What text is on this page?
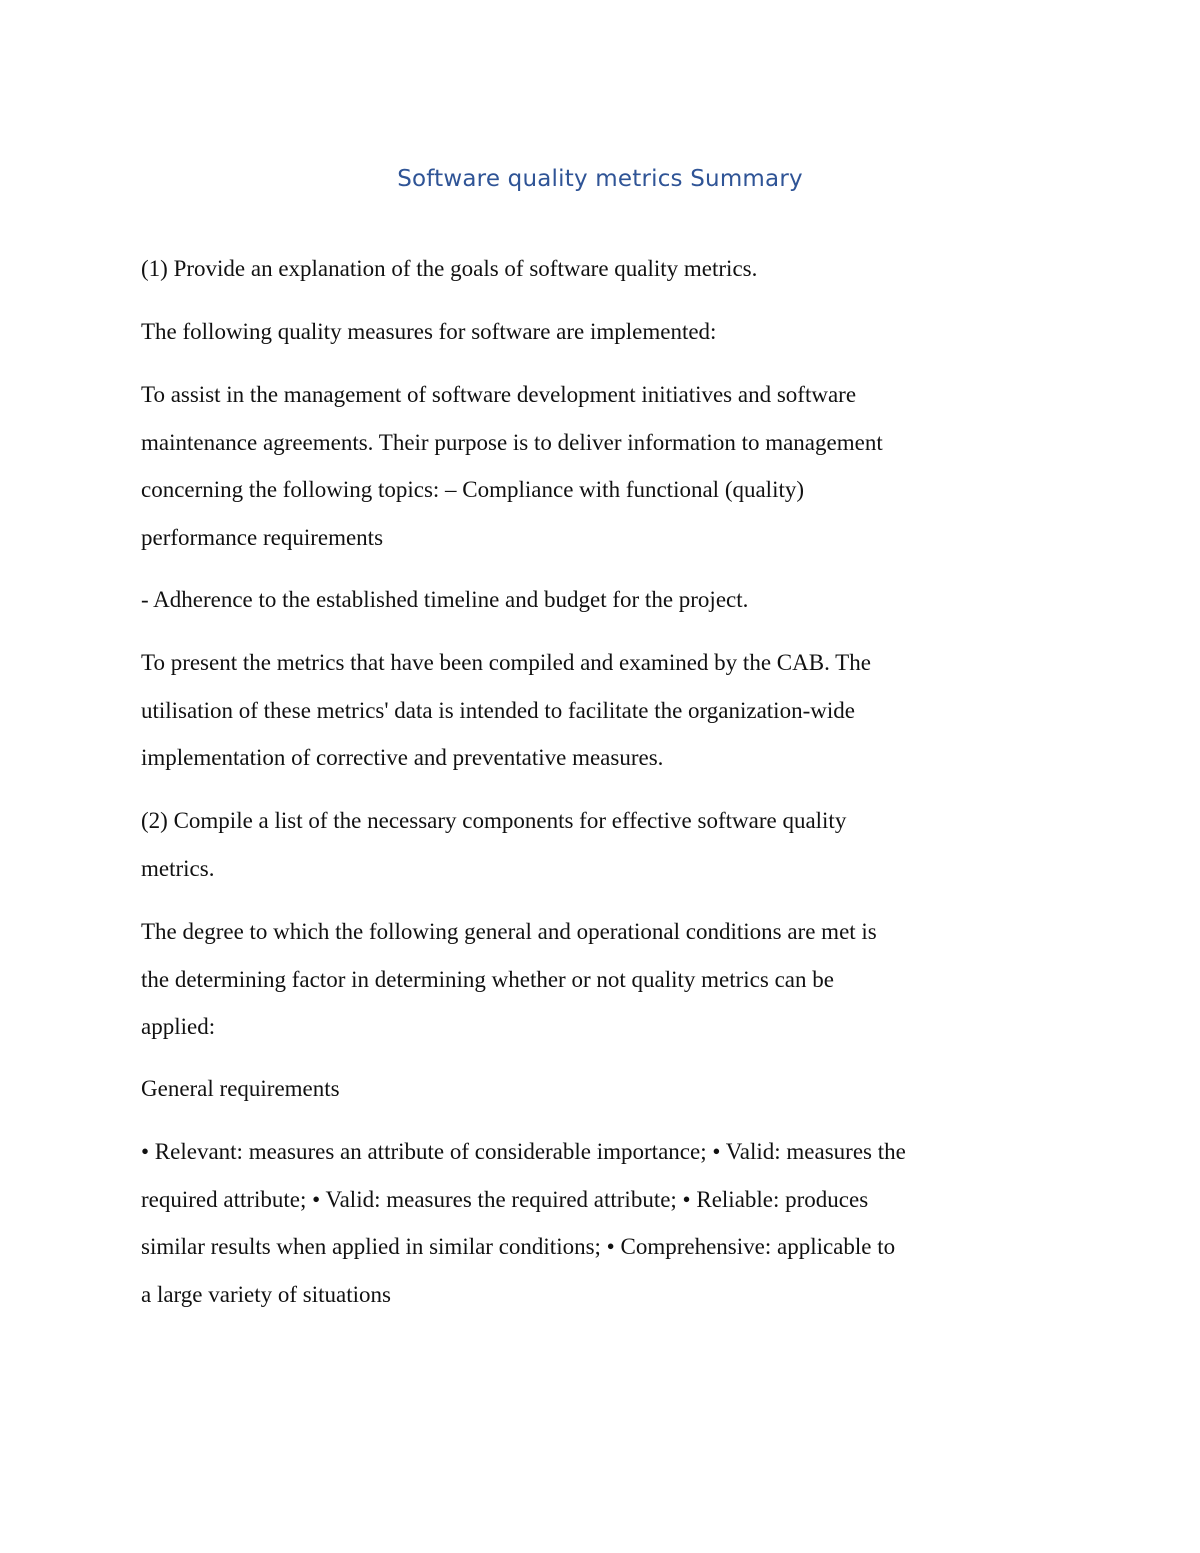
Software quality metrics Summary
(1) Provide an explanation of the goals of software quality metrics.
The following quality measures for software are implemented:
To assist in the management of software development initiatives and software
maintenance agreements. Their purpose is to deliver information to management
concerning the following topics: – Compliance with functional (quality)
performance requirements
- Adherence to the established timeline and budget for the project.
To present the metrics that have been compiled and examined by the CAB. The
utilisation of these metrics' data is intended to facilitate the organization-wide
implementation of corrective and preventative measures.
(2) Compile a list of the necessary components for effective software quality
metrics.
The degree to which the following general and operational conditions are met is
the determining factor in determining whether or not quality metrics can be
applied:
General requirements
• Relevant: measures an attribute of considerable importance; • Valid: measures the
required attribute; • Valid: measures the required attribute; • Reliable: produces
similar results when applied in similar conditions; • Comprehensive: applicable to
a large variety of situations
